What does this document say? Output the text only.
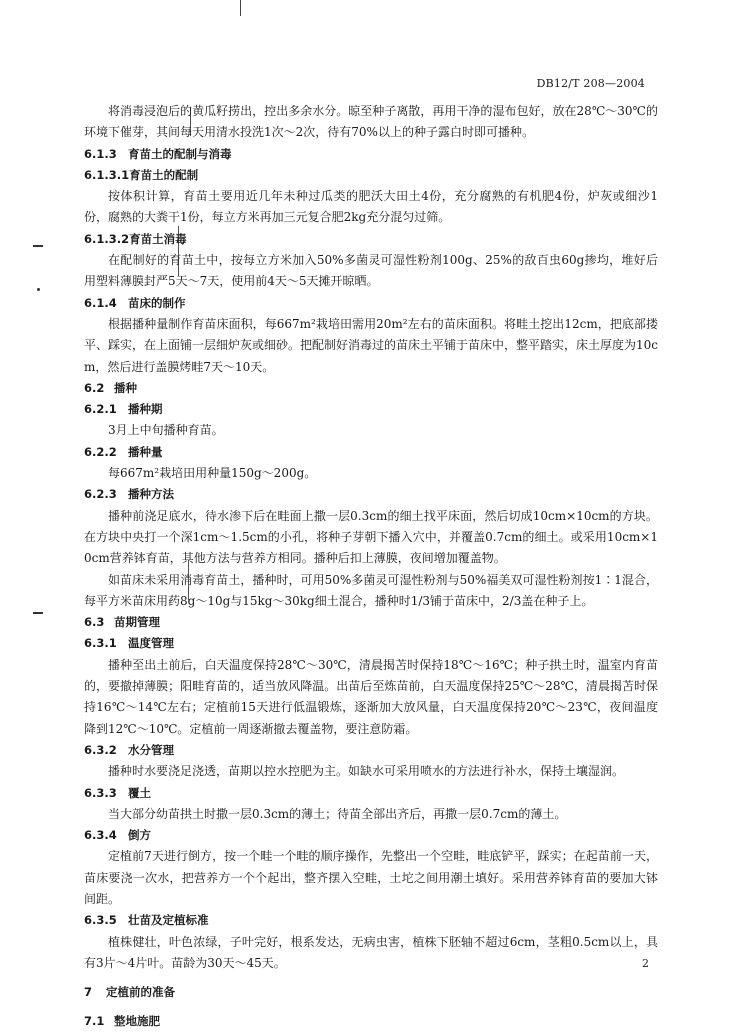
DB12/T 208—2004

将消毒浸泡后的黄瓜籽捞出，控出多余水分。晾至种子离散，再用干净的湿布包好，放在28℃～30℃的环境下催芽，其间每天用清水投洗1次～2次，待有70%以上的种子露白时即可播种。

6.1.3 育苗土的配制与消毒
6.1.3.1育苗土的配制

按体积计算，育苗土要用近几年未种过瓜类的肥沃大田土4份，充分腐熟的有机肥4份，炉灰或细沙1份，腐熟的大粪干1份，每立方米再加三元复合肥2kg充分混匀过筛。

6.1.3.2育苗土消毒

在配制好的育苗土中，按每立方米加入50%多菌灵可湿性粉剂100g、25%的敌百虫60g掺均，堆好后用塑料薄膜封严5天～7天，使用前4天～5天摊开晾晒。

6.1.4 苗床的制作

根据播种量制作育苗床面积，每667m²栽培田需用20m²左右的苗床面积。将畦土挖出12cm，把底部搂平、踩实，在上面铺一层细炉灰或细砂。把配制好消毒过的苗床土平铺于苗床中，整平踏实，床土厚度为10cm，然后进行盖膜烤畦7天～10天。

6.2 播种
6.2.1 播种期

3月上中旬播种育苗。

6.2.2 播种量

每667m²栽培田用种量150g～200g。

6.2.3 播种方法

播种前浇足底水，待水渗下后在畦面上撒一层0.3cm的细土找平床面，然后切成10cm×10cm的方块。在方块中央打一个深1cm～1.5cm的小孔，将种子芽朝下播入穴中，并覆盖0.7cm的细土。或采用10cm×10cm营养钵育苗，其他方法与营养方相同。播种后扣上薄膜，夜间增加覆盖物。

如苗床未采用消毒育苗土，播种时，可用50%多菌灵可湿性粉剂与50%福美双可湿性粉剂按1∶1混合，每平方米苗床用药8g～10g与15kg～30kg细土混合，播种时1/3铺于苗床中，2/3盖在种子上。

6.3 苗期管理
6.3.1 温度管理

播种至出土前后，白天温度保持28℃～30℃，清晨揭苫时保持18℃～16℃；种子拱土时，温室内育苗的，要撤掉薄膜；阳畦育苗的，适当放风降温。出苗后至炼苗前，白天温度保持25℃～28℃，清晨揭苫时保持16℃～14℃左右；定植前15天进行低温锻炼，逐渐加大放风量，白天温度保持20℃～23℃，夜间温度降到12℃～10℃。定植前一周逐渐撤去覆盖物，要注意防霜。

6.3.2 水分管理

播种时水要浇足浇透，苗期以控水控肥为主。如缺水可采用喷水的方法进行补水，保持土壤湿润。

6.3.3 覆土

当大部分幼苗拱土时撒一层0.3cm的薄土；待苗全部出齐后，再撒一层0.7cm的薄土。

6.3.4 倒方

定植前7天进行倒方，按一个畦一个畦的顺序操作，先整出一个空畦，畦底铲平，踩实；在起苗前一天，苗床要浇一次水，把营养方一个个起出，整齐摆入空畦，土坨之间用潮土填好。采用营养钵育苗的要加大钵间距。

6.3.5 壮苗及定植标准

植株健壮，叶色浓绿，子叶完好，根系发达，无病虫害，植株下胚轴不超过6cm，茎粗0.5cm以上，具有3片～4片叶。苗龄为30天～45天。

7 定植前的准备
7.1 整地施肥
2
